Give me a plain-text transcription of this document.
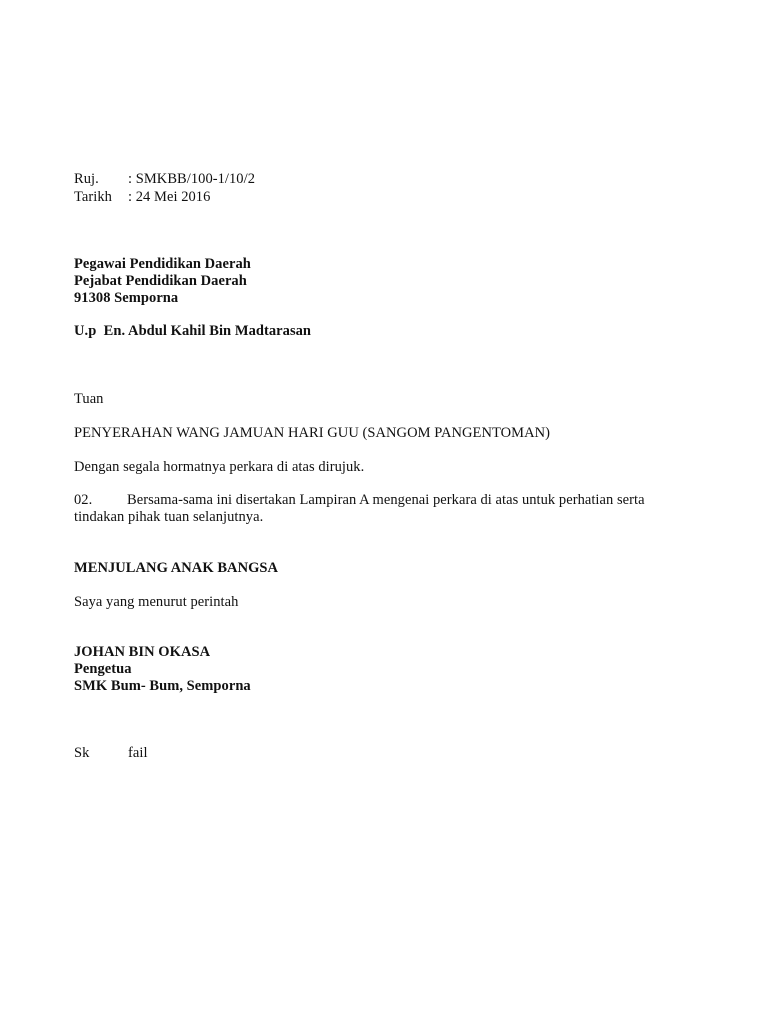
Ruj. : SMKBB/100-1/10/2
Tarikh : 24 Mei 2016
Pegawai Pendidikan Daerah
Pejabat Pendidikan Daerah
91308 Semporna
U.p  En. Abdul Kahil Bin Madtarasan
Tuan
PENYERAHAN WANG JAMUAN HARI GUU (SANGOM PANGENTOMAN)
Dengan segala hormatnya perkara di atas dirujuk.
02. Bersama-sama ini disertakan Lampiran A mengenai perkara di atas untuk perhatian serta
tindakan pihak tuan selanjutnya.
MENJULANG ANAK BANGSA
Saya yang menurut perintah
JOHAN BIN OKASA
Pengetua
SMK Bum- Bum, Semporna
Sk	fail
